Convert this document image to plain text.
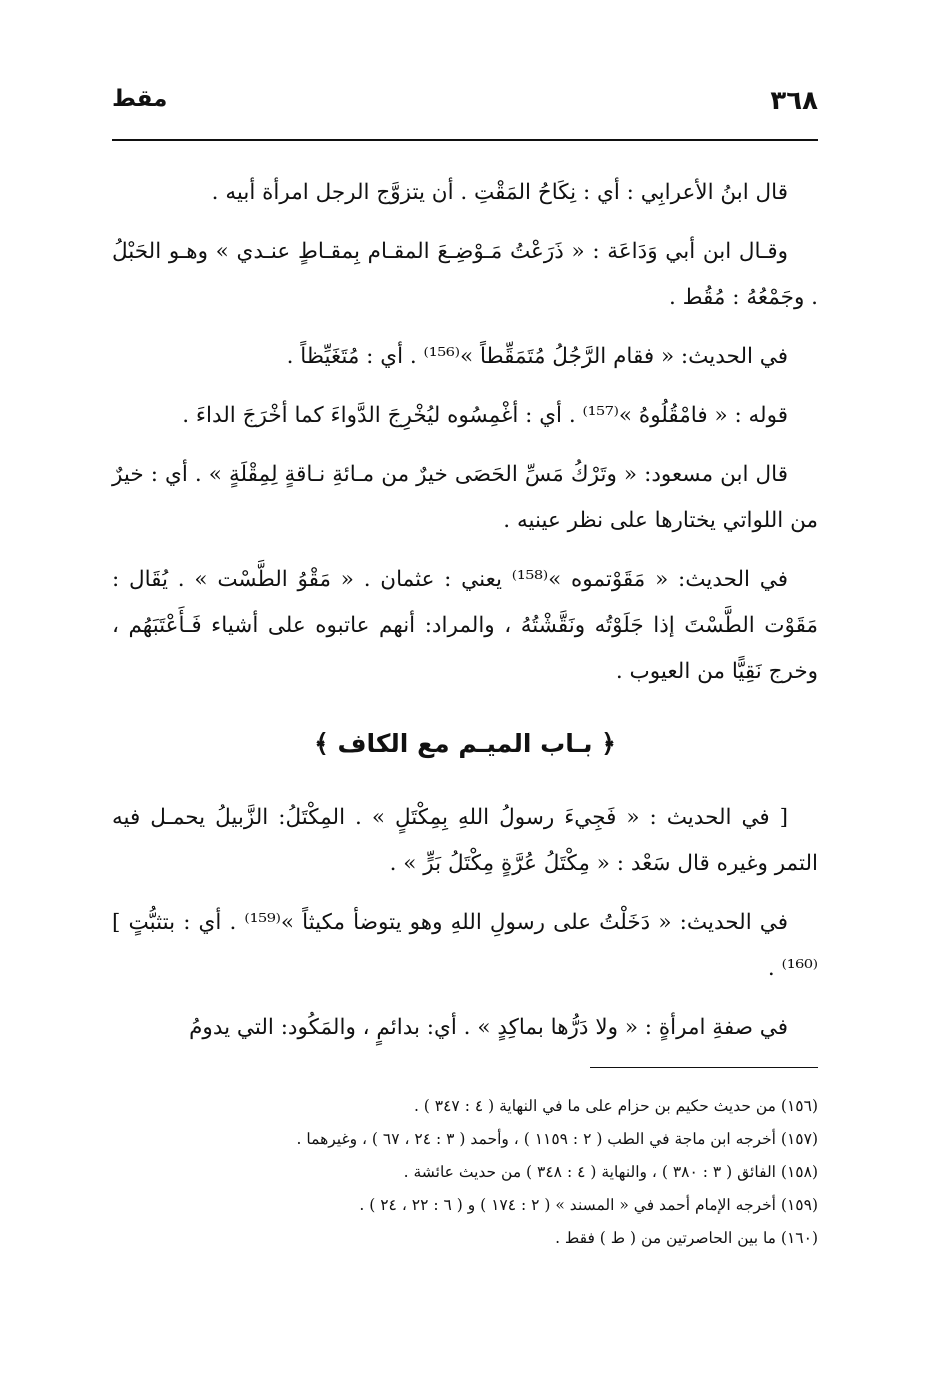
٣٦٨
مقط

قال ابنُ الأعرابِي : أي : نِكَاحُ المَقْتِ . أن يتزوَّج الرجل امرأة أبيه .

وقـال ابن أبي وَدَاعَة : « ذَرَعْتُ مَـوْضِـعَ المقـام بِمقـاطٍ عنـدي » وهـو الحَبْلُ . وجَمْعُهُ : مُقُط .

في الحديث: « فقام الرَّجُلُ مُتَمَقِّطاً »⁽¹⁵⁶⁾ . أي : مُتَغَيِّظاً .

قوله : « فامْقُلُوهُ »⁽¹⁵⁷⁾ . أي : أغْمِسُوه ليُخْرِجَ الدَّواءَ كما أخْرَجَ الداءَ .

قال ابن مسعود: « وتَرْكُ مَسِّ الحَصَى خيرٌ من مـائةِ نـاقةٍ لِمِقْلَةٍ » . أي : خيرٌ من اللواتي يختارها على نظر عينيه .

في الحديث: « مَقَوْتموه »⁽¹⁵⁸⁾ يعني : عثمان . « مَقْوُ الطَّسْت » . يُقَال : مَقَوْت الطَّسْتَ إذا جَلَوْتُه ونَقَّشْتُهُ ، والمراد: أنهم عاتبوه على أشياء فَـأَعْتَبَهُم ، وخرج نَقِيًّا من العيوب .

﴿ بـاب الميـم مع الكاف ﴾

[ في الحديث : « فَجِيءَ رسولُ اللهِ بِمِكْتَلٍ » . المِكْتَلُ: الزَّبيلُ يحمـل فيه التمر وغيره قال سَعْد : « مِكْتَلُ عُرَّةٍ مِكْتَلُ بَرٍّ » .

في الحديث: « دَخَلْتُ على رسولِ اللهِ وهو يتوضأ مكيثاً »⁽¹⁵⁹⁾ . أي : بتثبُّتٍ ] ⁽¹⁶⁰⁾ .

في صفةِ امرأةٍ : « ولا دَرُّها بماكِدٍ » . أي: بدائمٍ ، والمَكُود: التي يدومُ

(١٥٦) من حديث حكيم بن حزام على ما في النهاية ( ٤ : ٣٤٧ ) .

(١٥٧) أخرجه ابن ماجة في الطب ( ٢ : ١١٥٩ ) ، وأحمد ( ٣ : ٢٤ ، ٦٧ ) ، وغيرهما .

(١٥٨) الفائق ( ٣ : ٣٨٠ ) ، والنهاية ( ٤ : ٣٤٨ ) من حديث عائشة .

(١٥٩) أخرجه الإمام أحمد في « المسند » ( ٢ : ١٧٤ ) و ( ٦ : ٢٢ ، ٢٤ ) .

(١٦٠) ما بين الحاصرتين من ( ط ) فقط .
